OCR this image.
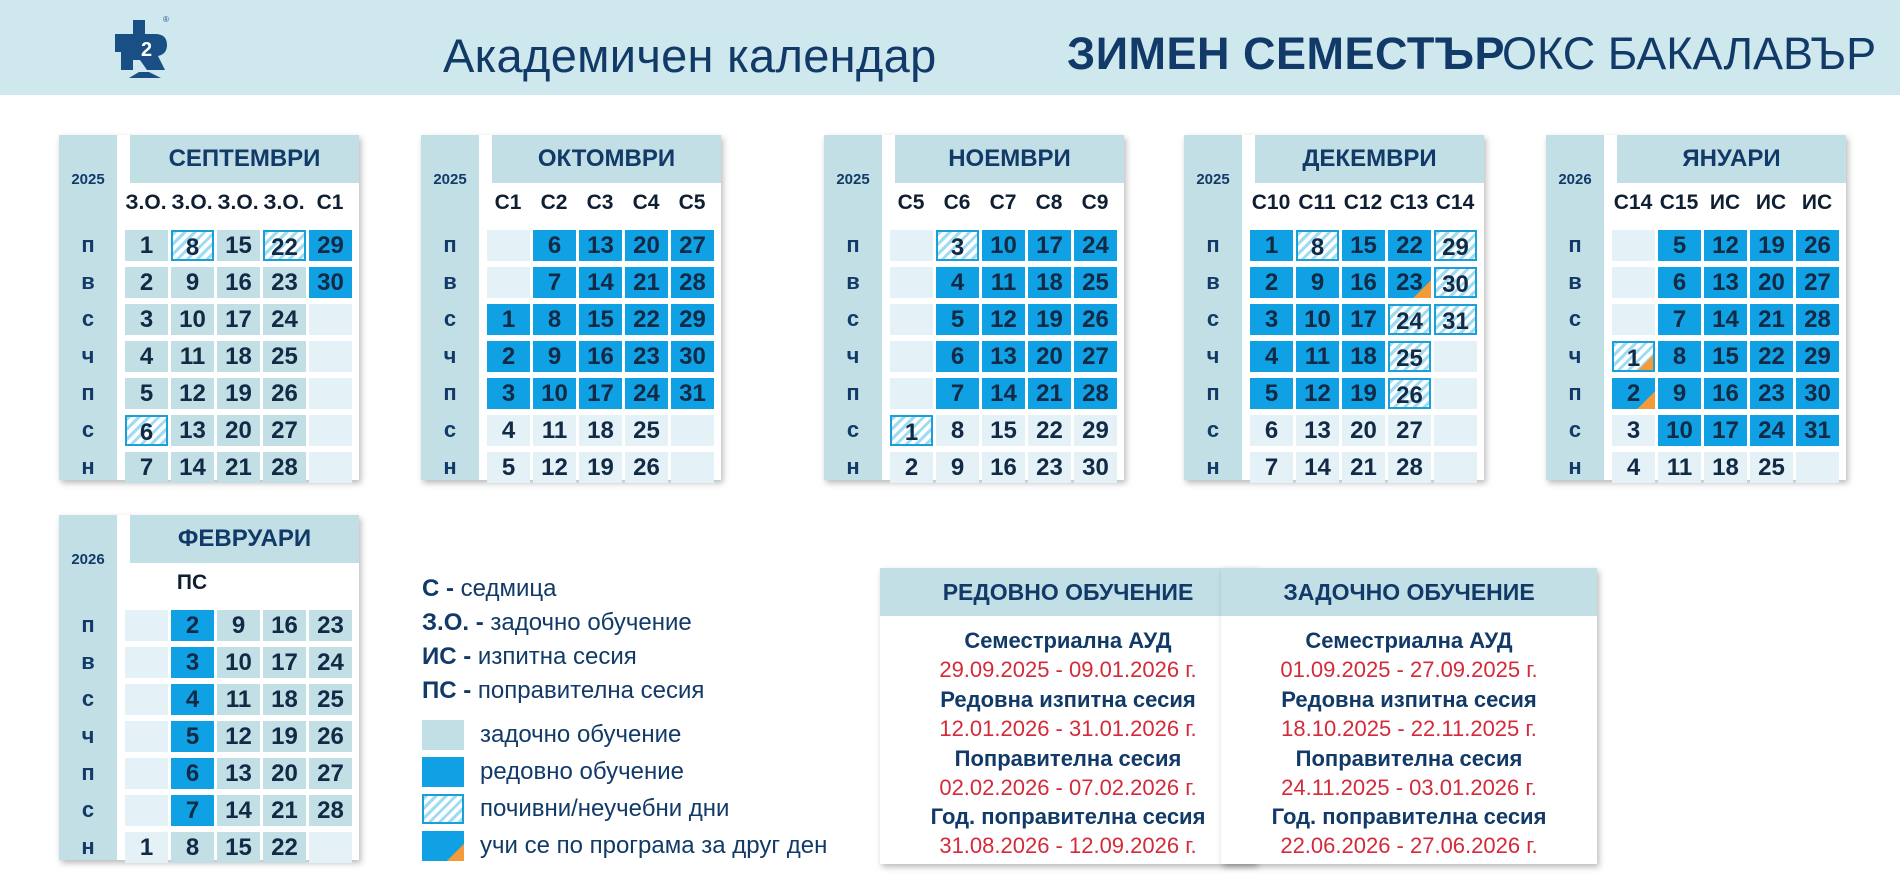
2
®
Академичен календар	ЗИМЕН СЕМЕСТЪР
ОКС БАКАЛАВЪР
2025
СЕПТЕМВРИ
З.О. З.О. З.О. З.О. С1
п
в
с
ч
п
с
н
1
2
3
4
5
6
7
8
9
10
11
12
13
14
15
16
17
18
19
20
21
22
23
24
25
26
27
28
29
30
2025
ОКТОМВРИ
С1 С2 С3 С4 С5
п
в
с
ч
п
с
н
1
2
3
4
5
6
7
8
9
10
11
12
13
14
15
16
17
18
19
20
21
22
23
24
25
26
27
28
29
30
31
2025
НОЕМВРИ
С5 С6 С7 С8 С9
п
в
с
ч
п
с
н
1
2
3
4
5
6
7
8
9
10
11
12
13
14
15
16
17
18
19
20
21
22
23
24
25
26
27
28
29
30
2025
ДЕКЕМВРИ
С10 С11 С12 С13 С14
п
в
с
ч
п
с
н
1
2
3
4
5
6
7
8
9
10
11
12
13
14
15
16
17
18
19
20
21
22
23
24
25
26
27
28
29
30
31
2026
ЯНУАРИ
С14 С15 ИС ИС ИС
п
в
с
ч
п
с
н
1
2
3
4
5
6
7
8
9
10
11
12
13
14
15
16
17
18
19
20
21
22
23
24
25
26
27
28
29
30
31
2026
ФЕВРУАРИ
ПС
п
в
с
ч
п
с
н	1
2
3
4
5
6
7
8
9
10
11
12
13
14
15
16
17
18
19
20
21
22
23
24
25
26
27
28
С - седмица
З.О. - задочно обучение
ИС - изпитна сесия
ПС - поправителна сесия
задочно обучение
редовно обучение
почивни/неучебни дни
учи се по програма за друг ден
РЕДОВНО ОБУЧЕНИЕ
Семестриална АУД
29.09.2025 - 09.01.2026 г.
Редовна изпитна сесия
12.01.2026 - 31.01.2026 г.
Поправителна сесия
02.02.2026 - 07.02.2026 г.
Год. поправителна сесия
31.08.2026 - 12.09.2026 г.
ЗАДОЧНО ОБУЧЕНИЕ
Семестриална АУД
01.09.2025 - 27.09.2025 г.
Редовна изпитна сесия
18.10.2025 - 22.11.2025 г.
Поправителна сесия
24.11.2025 - 03.01.2026 г.
Год. поправителна сесия
22.06.2026 - 27.06.2026 г.
